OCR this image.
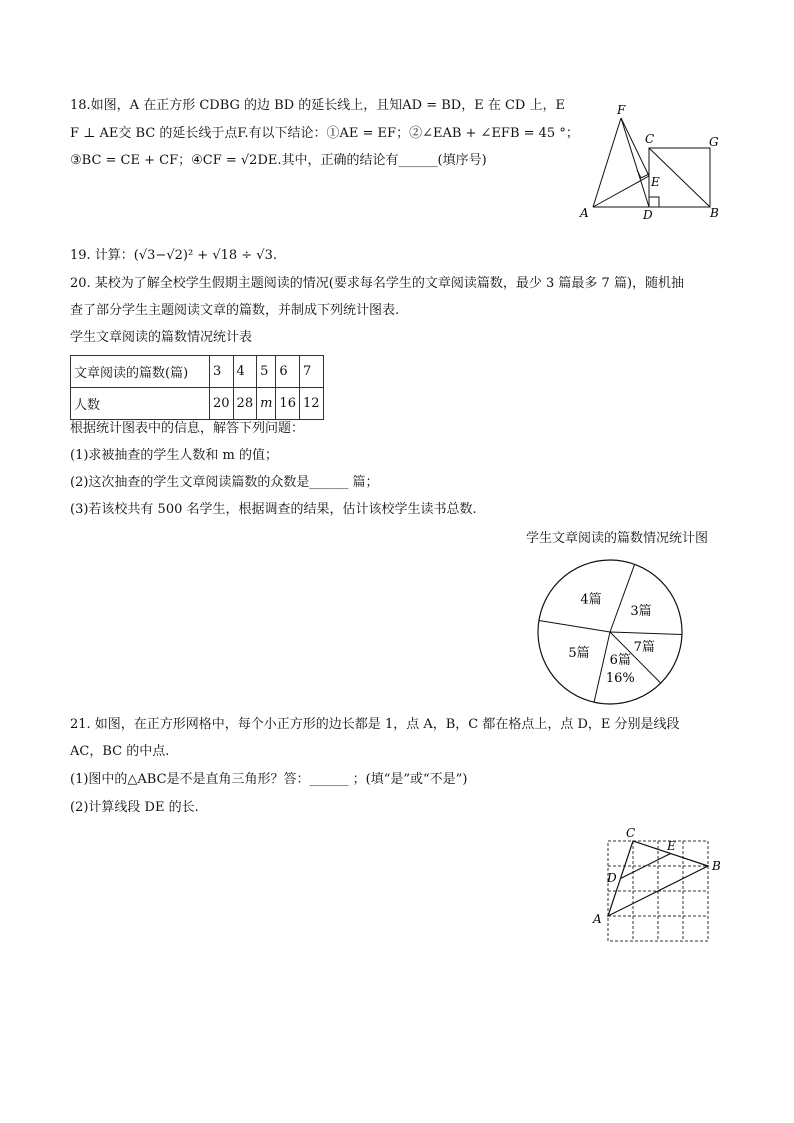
18.如图，A 在正方形 CDBG 的边 BD 的延长线上，且知AD = BD，E 在 CD 上，E
F ⊥ AE交 BC 的延长线于点F.有以下结论：①AE = EF；②∠EAB + ∠EFB = 45 °；
③BC = CE + CF；④CF = √2DE.其中，正确的结论有______(填序号)
F
C	G
E
A	D	B
19. 计算：(√3−√2)² + √18 ÷ √3.
20. 某校为了解全校学生假期主题阅读的情况(要求每名学生的文章阅读篇数，最少 3 篇最多 7 篇)，随机抽
查了部分学生主题阅读文章的篇数，并制成下列统计图表.
学生文章阅读的篇数情况统计表
文章阅读的篇数(篇)	3	4	5	6	7
人数	20	28	m	16	12
根据统计图表中的信息，解答下列问题：
(1)求被抽查的学生人数和 m 的值；
(2)这次抽查的学生文章阅读篇数的众数是______ 篇；
(3)若该校共有 500 名学生，根据调查的结果，估计该校学生读书总数.
学生文章阅读的篇数情况统计图
3篇
7篇
6篇
16%
5篇
4篇
21. 如图，在正方形网格中，每个小正方形的边长都是 1，点 A，B，C 都在格点上，点 D，E 分别是线段
AC，BC 的中点.
(1)图中的△ABC是不是直角三角形？答：______ ；(填“是”或“不是”)
(2)计算线段 DE 的长.
C
E
B
D
A
